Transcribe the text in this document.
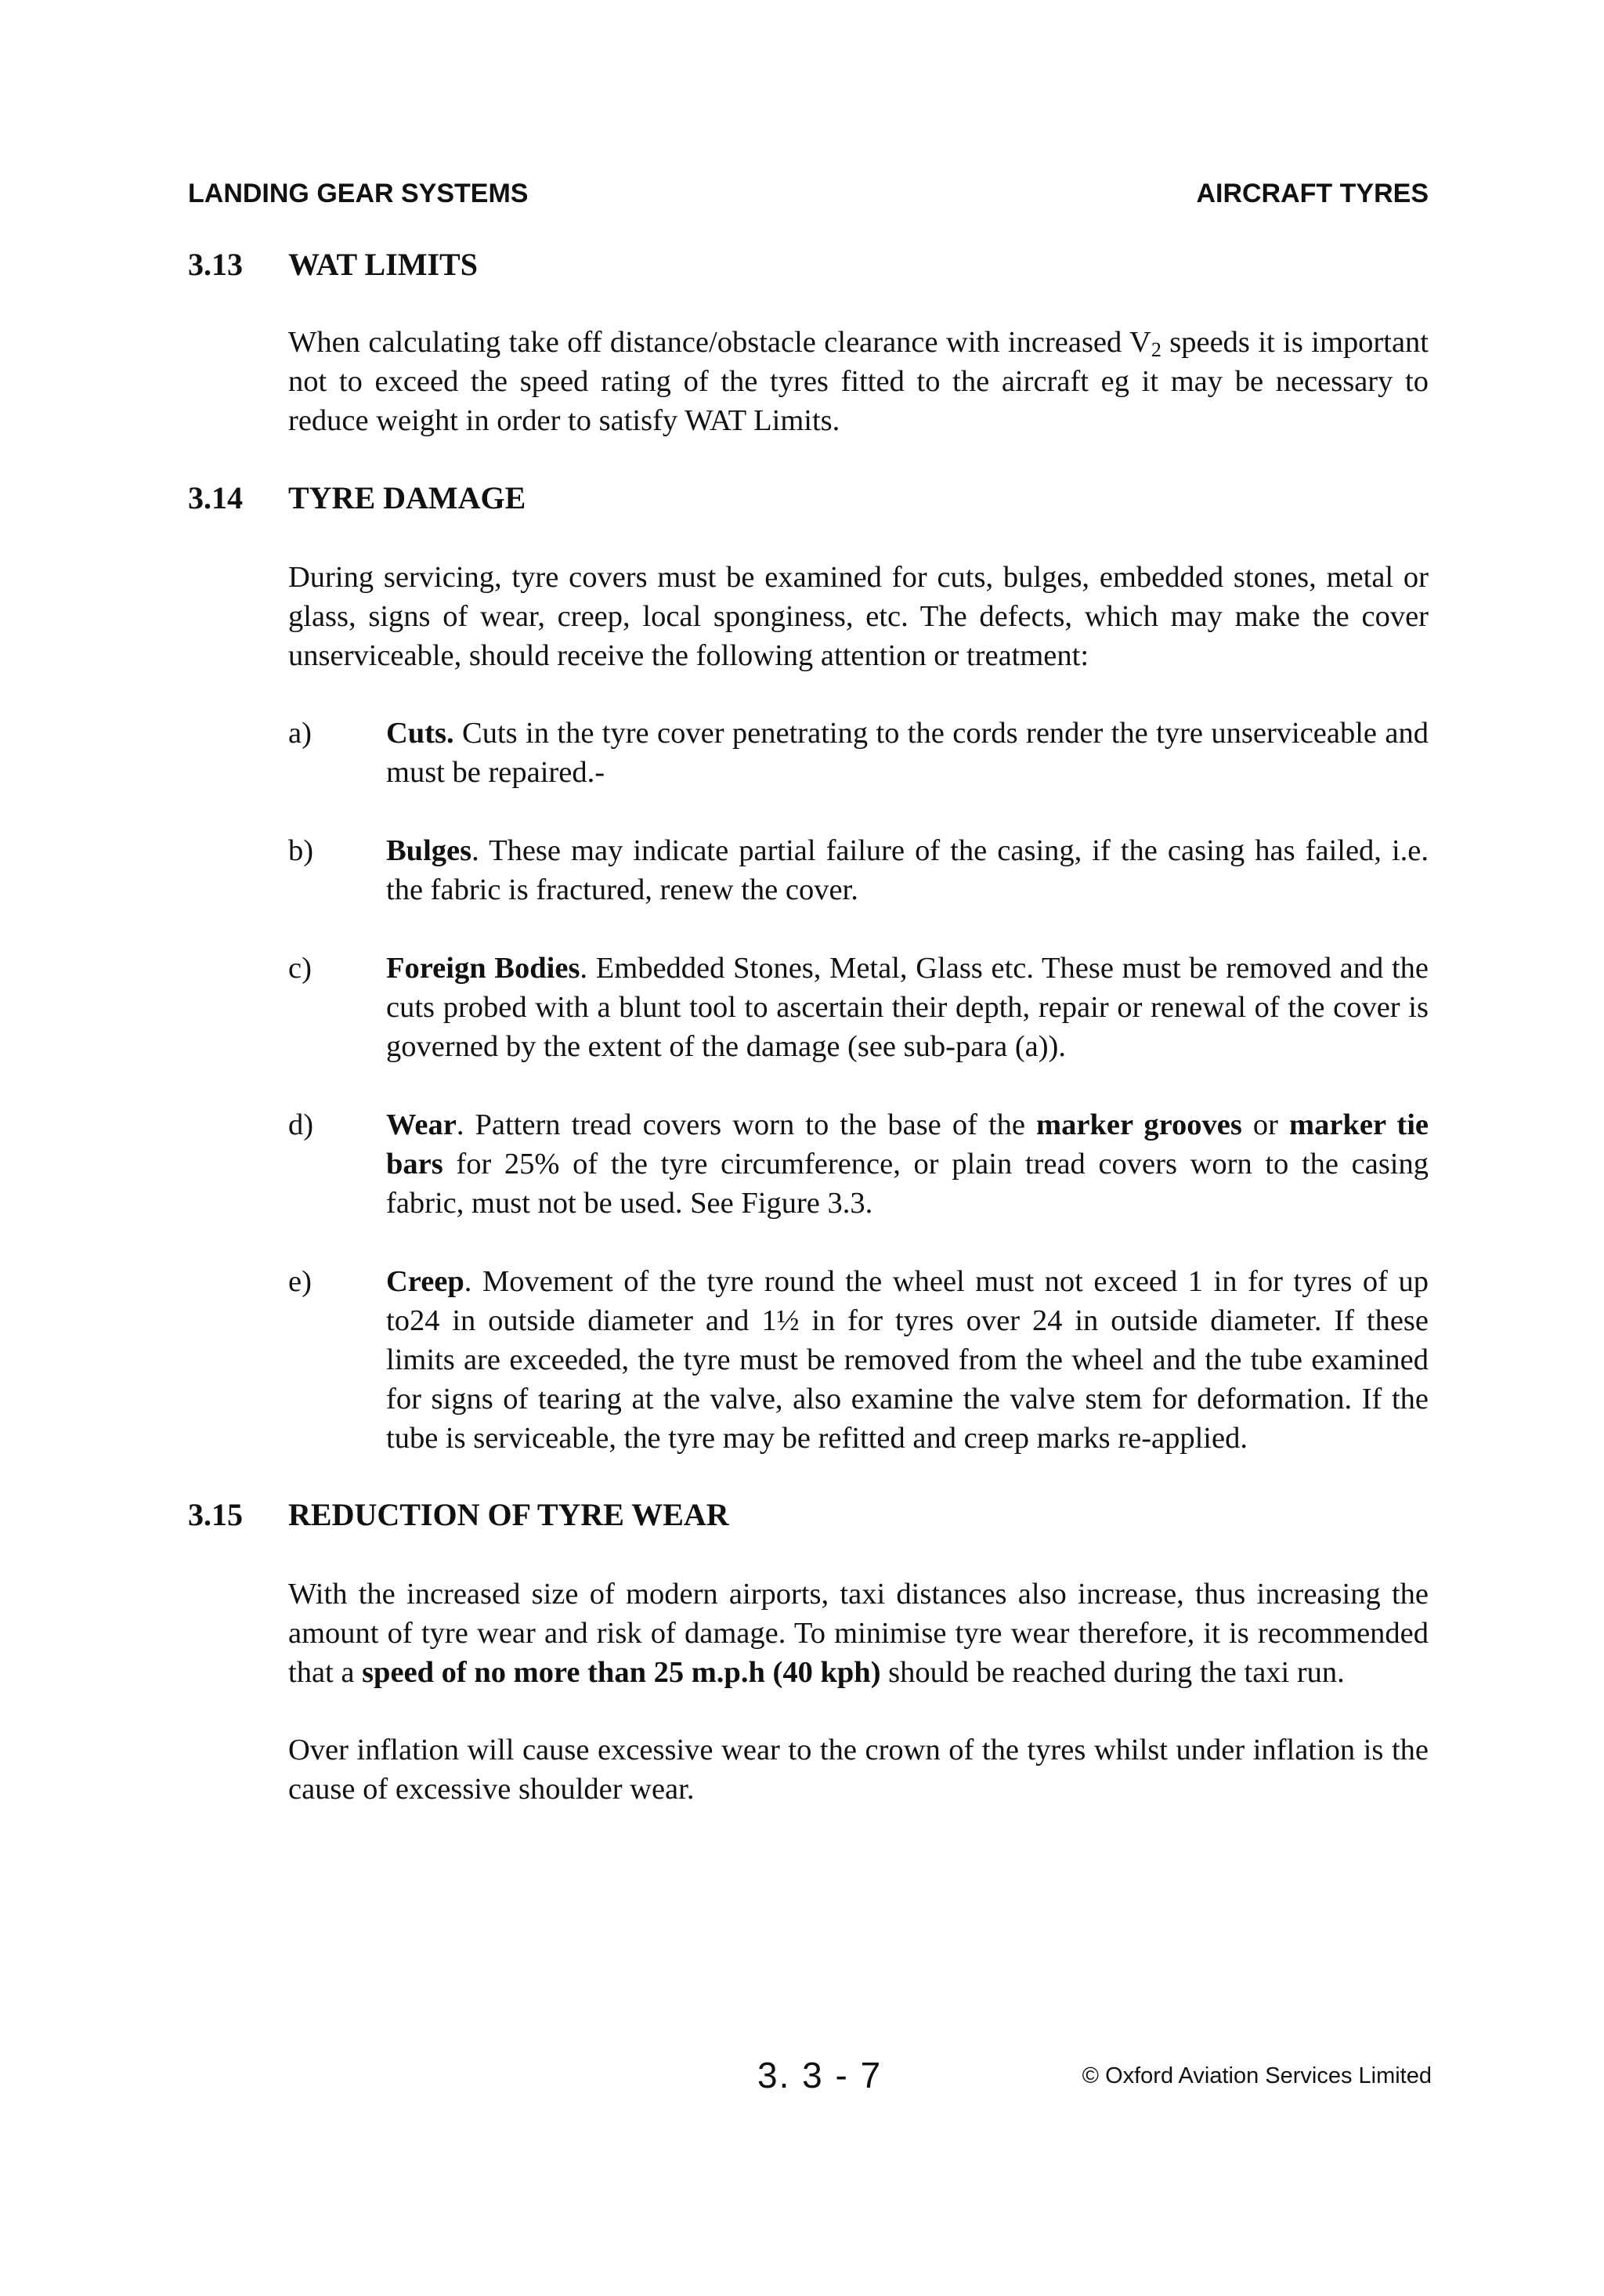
LANDING GEAR SYSTEMS	AIRCRAFT TYRES
3.13 WAT LIMITS

When calculating take off distance/obstacle clearance with increased $V_2$ speeds it is important not to exceed the speed rating of the tyres fitted to the aircraft eg it may be necessary to reduce weight in order to satisfy WAT Limits.

3.14 TYRE DAMAGE

During servicing, tyre covers must be examined for cuts, bulges, embedded stones, metal or glass, signs of wear, creep, local sponginess, etc. The defects, which may make the cover unserviceable, should receive the following attention or treatment:

a) Cuts. Cuts in the tyre cover penetrating to the cords render the tyre unserviceable and must be repaired.-

b) Bulges. These may indicate partial failure of the casing, if the casing has failed, i.e. the fabric is fractured, renew the cover.

c) Foreign Bodies. Embedded Stones, Metal, Glass etc. These must be removed and the cuts probed with a blunt tool to ascertain their depth, repair or renewal of the cover is governed by the extent of the damage (see sub-para (a)).

d) Wear. Pattern tread covers worn to the base of the marker grooves or marker tie bars for 25% of the tyre circumference, or plain tread covers worn to the casing fabric, must not be used. See Figure 3.3.

e) Creep. Movement of the tyre round the wheel must not exceed 1 in for tyres of up to24 in outside diameter and 1½ in for tyres over 24 in outside diameter. If these limits are exceeded, the tyre must be removed from the wheel and the tube examined for signs of tearing at the valve, also examine the valve stem for deformation. If the tube is serviceable, the tyre may be refitted and creep marks re-applied.

3.15 REDUCTION OF TYRE WEAR

With the increased size of modern airports, taxi distances also increase, thus increasing the amount of tyre wear and risk of damage. To minimise tyre wear therefore, it is recommended that a speed of no more than 25 m.p.h (40 kph) should be reached during the taxi run.

Over inflation will cause excessive wear to the crown of the tyres whilst under inflation is the cause of excessive shoulder wear.

3. 3 - 7	© Oxford Aviation Services Limited
